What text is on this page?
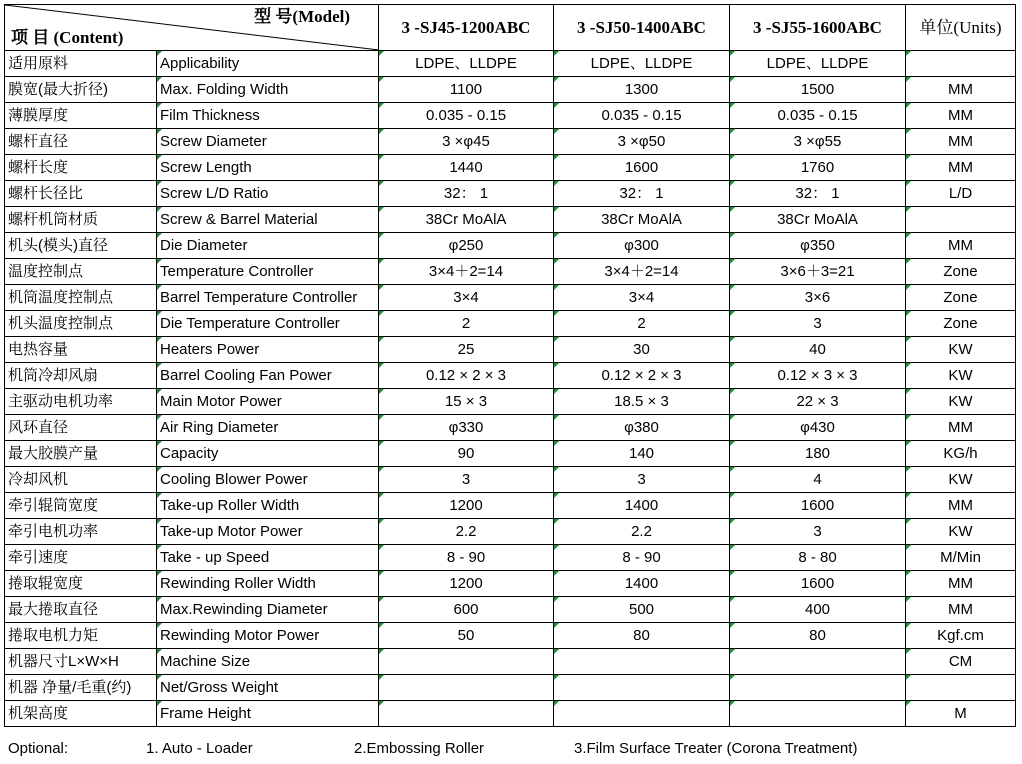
型 号(Model)
项 目 (Content)		3 -SJ45-1200ABC	3 -SJ50-1400ABC	3 -SJ55-1600ABC	单位(Units)
适用原料	Applicability	LDPE、LLDPE	LDPE、LLDPE	LDPE、LLDPE	
膜宽(最大折径)	Max. Folding Width	1100	1300	1500	MM
薄膜厚度	Film Thickness	0.035 - 0.15	0.035 - 0.15	0.035 - 0.15	MM
螺杆直径	Screw Diameter	3 ×φ45	3 ×φ50	3 ×φ55	MM
螺杆长度	Screw Length	1440	1600	1760	MM
螺杆长径比	Screw L/D Ratio	32： 1	32： 1	32： 1	L/D
螺杆机筒材质	Screw & Barrel Material	38Cr MoAlA	38Cr MoAlA	38Cr MoAlA	
机头(模头)直径	Die Diameter	φ250	φ300	φ350	MM
温度控制点	Temperature Controller	3×4＋2=14	3×4＋2=14	3×6＋3=21	Zone
机筒温度控制点	Barrel Temperature Controller	3×4	3×4	3×6	Zone
机头温度控制点	Die Temperature Controller	2	2	3	Zone
电热容量	Heaters Power	25	30	40	KW
机筒冷却风扇	Barrel Cooling Fan Power	0.12 × 2 × 3	0.12 × 2 × 3	0.12 × 3 × 3	KW
主驱动电机功率	Main Motor Power	15 × 3	18.5 × 3	22 × 3	KW
风环直径	Air Ring Diameter	φ330	φ380	φ430	MM
最大胶膜产量	Capacity	90	140	180	KG/h
冷却风机	Cooling Blower Power	3	3	4	KW
牵引辊筒宽度	Take-up Roller Width	1200	1400	1600	MM
牵引电机功率	Take-up Motor Power	2.2	2.2	3	KW
牵引速度	Take - up Speed	8 - 90	8 - 90	8 - 80	M/Min
捲取辊宽度	Rewinding Roller Width	1200	1400	1600	MM
最大捲取直径	Max.Rewinding Diameter	600	500	400	MM
捲取电机力矩	Rewinding Motor Power	50	80	80	Kgf.cm
机器尺寸L×W×H	Machine Size				CM
机器 净量/毛重(约)	Net/Gross Weight				
机架高度	Frame Height				M
Optional:	1. Auto - Loader	2.Embossing Roller	3.Film Surface Treater (Corona Treatment)
